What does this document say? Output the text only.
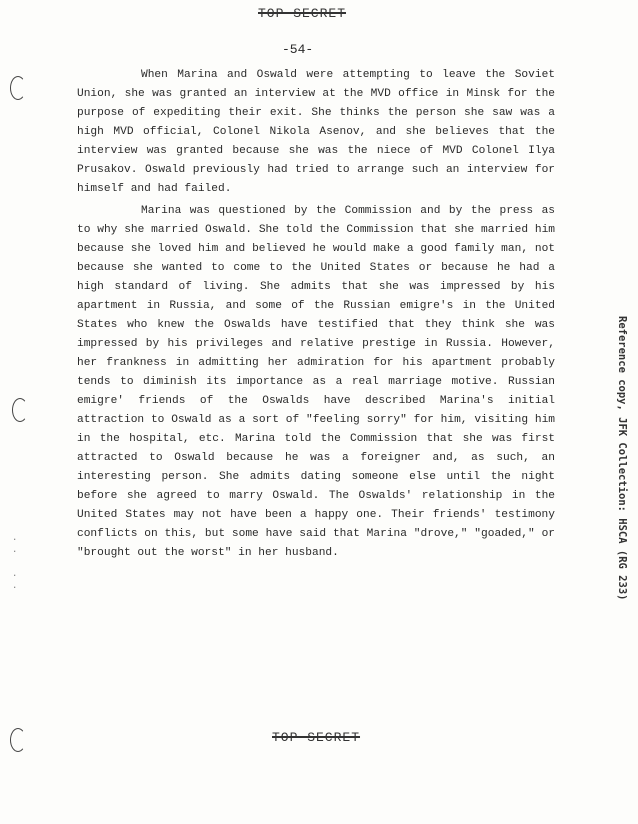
TOP SECRET
-54-

When Marina and Oswald were attempting to leave the Soviet Union, she was granted an interview at the MVD office in Minsk for the purpose of expediting their exit. She thinks the person she saw was a high MVD official, Colonel Nikola Asenov, and she believes that the interview was granted because she was the niece of MVD Colonel Ilya Prusakov. Oswald previously had tried to arrange such an interview for himself and had failed.

Marina was questioned by the Commission and by the press as to why she married Oswald. She told the Commission that she married him because she loved him and believed he would make a good family man, not because she wanted to come to the United States or because he had a high standard of living. She admits that she was impressed by his apartment in Russia, and some of the Russian emigre's in the United States who knew the Oswalds have testified that they think she was impressed by his privileges and relative prestige in Russia. However, her frankness in admitting her admiration for his apartment probably tends to diminish its importance as a real marriage motive. Russian emigre' friends of the Oswalds have described Marina's initial attraction to Oswald as a sort of "feeling sorry" for him, visiting him in the hospital, etc. Marina told the Commission that she was first attracted to Oswald because he was a foreigner and, as such, an interesting person. She admits dating someone else until the night before she agreed to marry Oswald. The Oswalds' relationship in the United States may not have been a happy one. Their friends' testimony conflicts on this, but some have said that Marina "drove," "goaded," or "brought out the worst" in her husband.

TOP SECRET
Reference copy, JFK Collection: HSCA (RG 233)
·
·

·
·
